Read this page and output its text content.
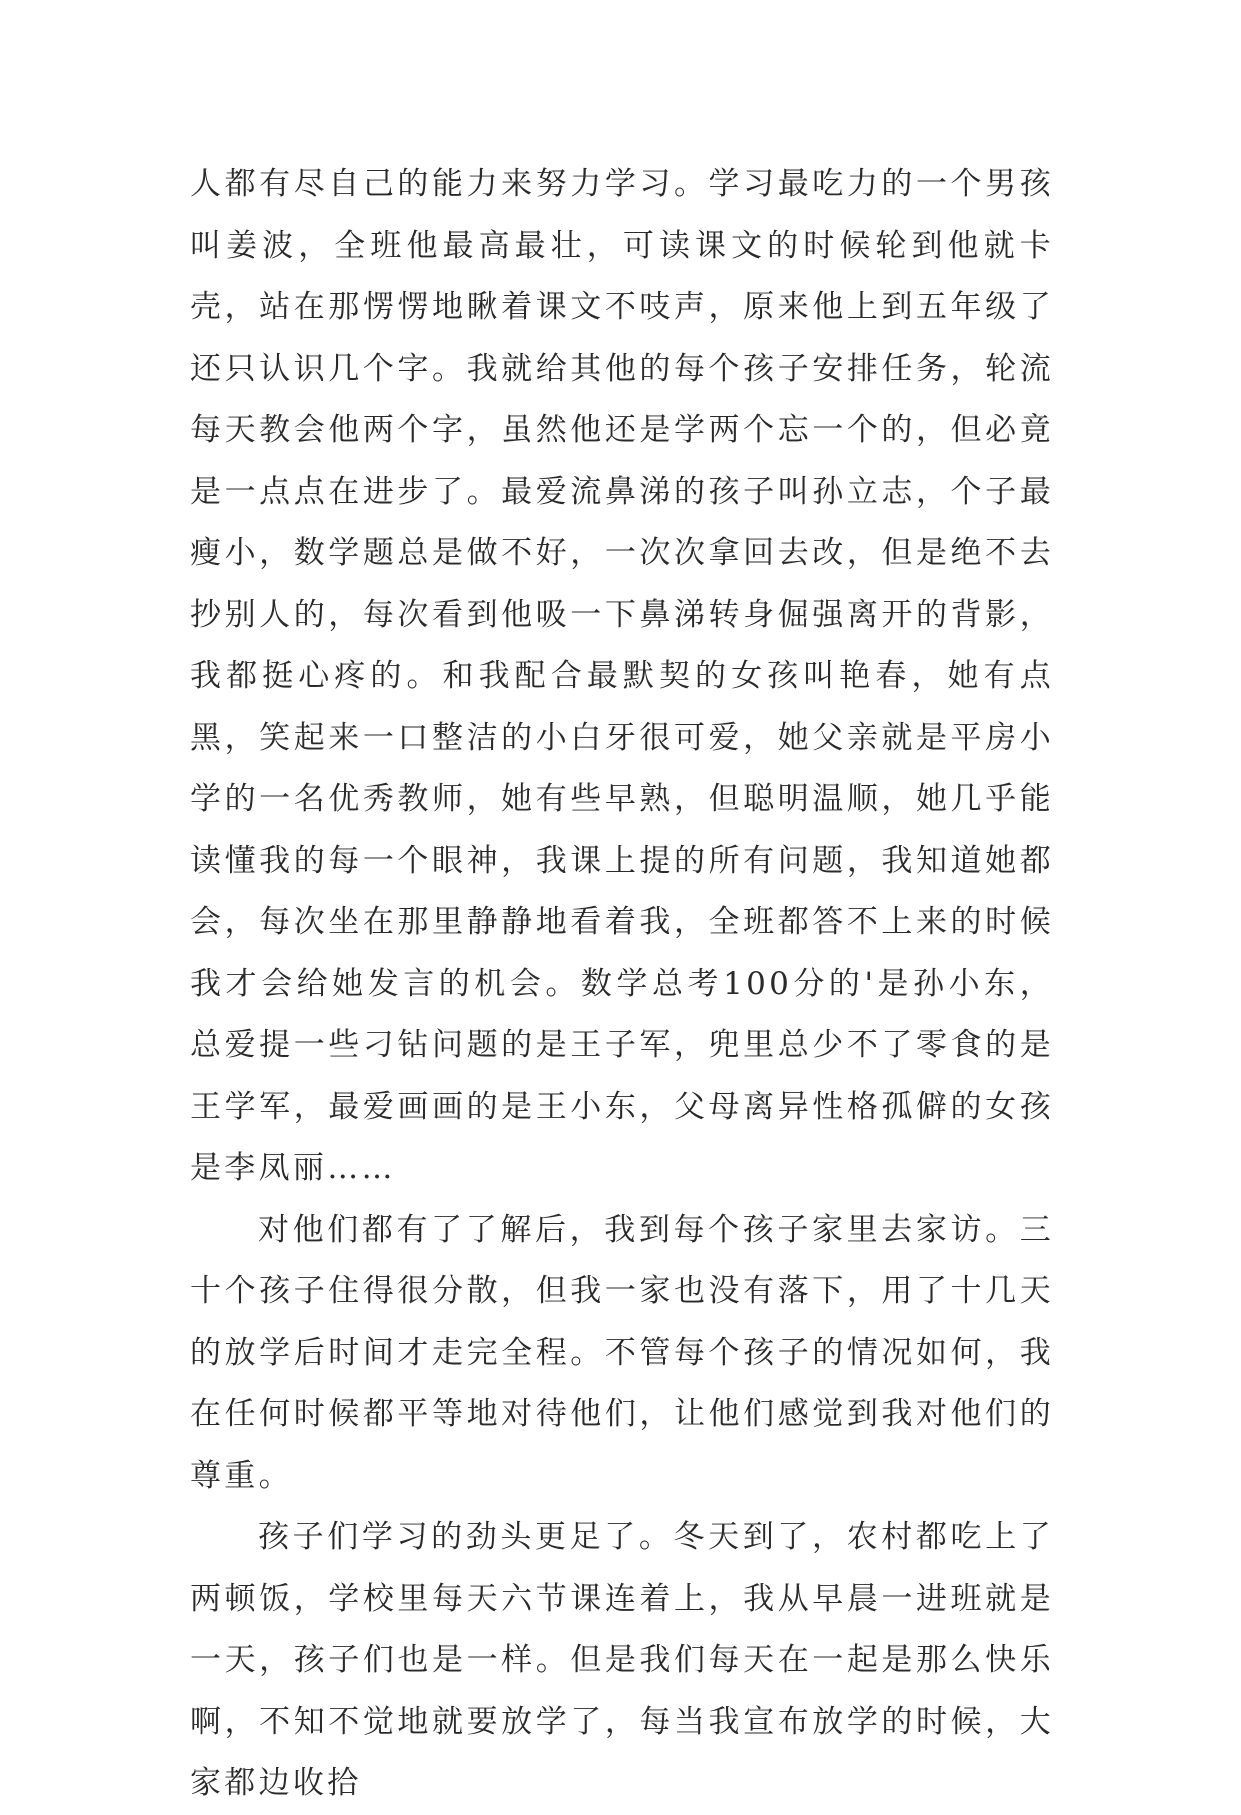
人都有尽自己的能力来努力学习。学习最吃力的一个男孩叫姜波，全班他最高最壮，可读课文的时候轮到他就卡壳，站在那愣愣地瞅着课文不吱声，原来他上到五年级了还只认识几个字。我就给其他的每个孩子安排任务，轮流每天教会他两个字，虽然他还是学两个忘一个的，但必竟是一点点在进步了。最爱流鼻涕的孩子叫孙立志，个子最瘦小，数学题总是做不好，一次次拿回去改，但是绝不去抄别人的，每次看到他吸一下鼻涕转身倔强离开的背影，我都挺心疼的。和我配合最默契的女孩叫艳春，她有点黑，笑起来一口整洁的小白牙很可爱，她父亲就是平房小学的一名优秀教师，她有些早熟，但聪明温顺，她几乎能读懂我的每一个眼神，我课上提的所有问题，我知道她都会，每次坐在那里静静地看着我，全班都答不上来的时候我才会给她发言的机会。数学总考100分的'是孙小东，总爱提一些刁钻问题的是王子军，兜里总少不了零食的是王学军，最爱画画的是王小东，父母离异性格孤僻的女孩是李凤丽……

对他们都有了了解后，我到每个孩子家里去家访。三十个孩子住得很分散，但我一家也没有落下，用了十几天的放学后时间才走完全程。不管每个孩子的情况如何，我在任何时候都平等地对待他们，让他们感觉到我对他们的尊重。

孩子们学习的劲头更足了。冬天到了，农村都吃上了两顿饭，学校里每天六节课连着上，我从早晨一进班就是一天，孩子们也是一样。但是我们每天在一起是那么快乐啊，不知不觉地就要放学了，每当我宣布放学的时候，大家都边收拾
